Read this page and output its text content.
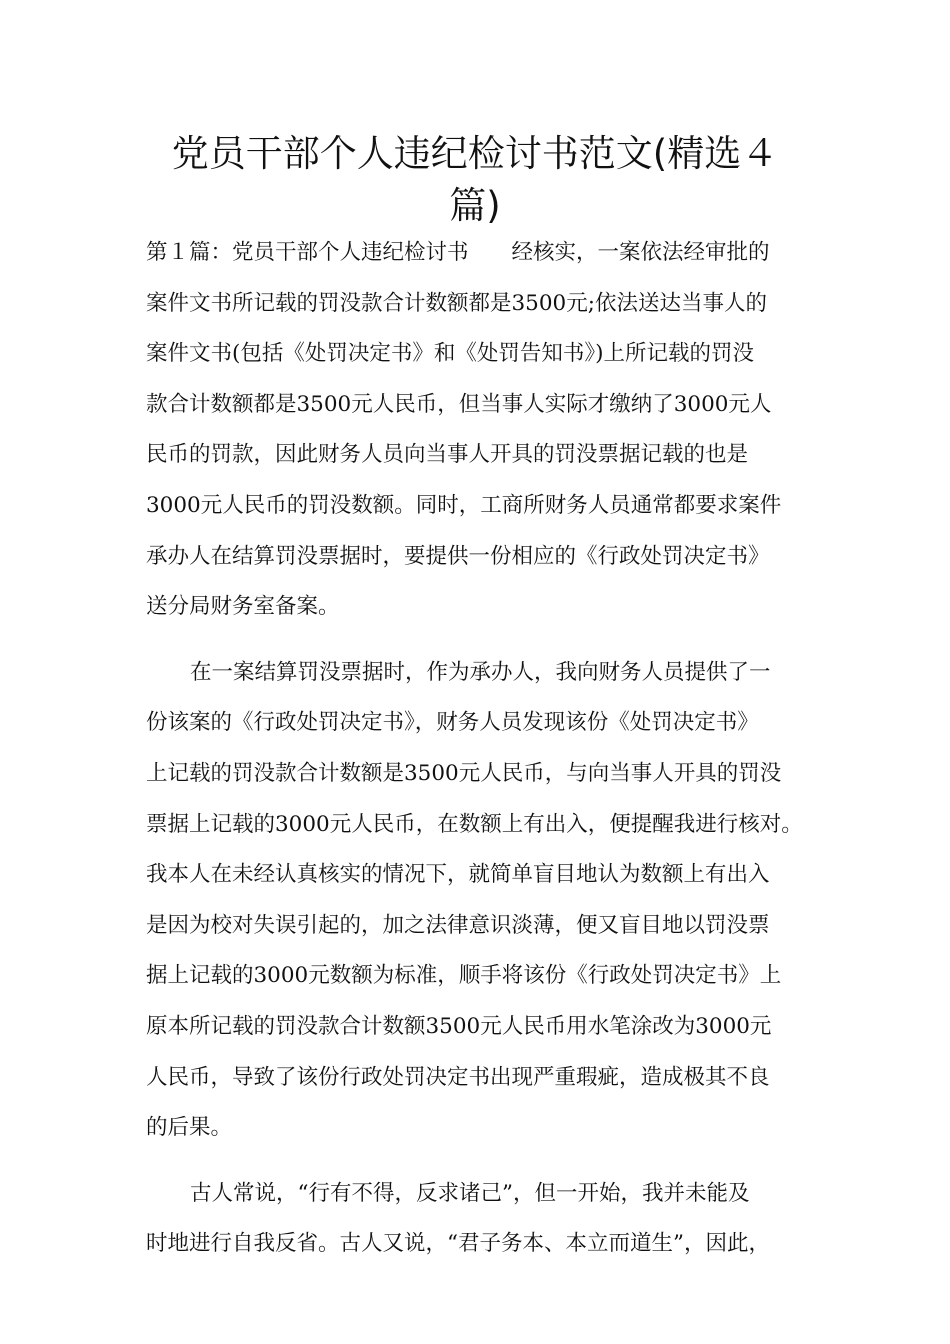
党员干部个人违纪检讨书范文(精选４
篇)
第１篇：党员干部个人违纪检讨书　　经核实，一案依法经审批的
案件文书所记载的罚没款合计数额都是3500元;依法送达当事人的
案件文书(包括《处罚决定书》和《处罚告知书》)上所记载的罚没
款合计数额都是3500元人民币，但当事人实际才缴纳了3000元人
民币的罚款，因此财务人员向当事人开具的罚没票据记载的也是
3000元人民币的罚没数额。同时，工商所财务人员通常都要求案件
承办人在结算罚没票据时，要提供一份相应的《行政处罚决定书》
送分局财务室备案。
在一案结算罚没票据时，作为承办人，我向财务人员提供了一
份该案的《行政处罚决定书》，财务人员发现该份《处罚决定书》
上记载的罚没款合计数额是3500元人民币，与向当事人开具的罚没
票据上记载的3000元人民币，在数额上有出入，便提醒我进行核对。
我本人在未经认真核实的情况下，就简单盲目地认为数额上有出入
是因为校对失误引起的，加之法律意识淡薄，便又盲目地以罚没票
据上记载的3000元数额为标准，顺手将该份《行政处罚决定书》上
原本所记载的罚没款合计数额3500元人民币用水笔涂改为3000元
人民币，导致了该份行政处罚决定书出现严重瑕疵，造成极其不良
的后果。
古人常说，“行有不得，反求诸己”，但一开始，我并未能及
时地进行自我反省。古人又说，“君子务本、本立而道生”，因此，
